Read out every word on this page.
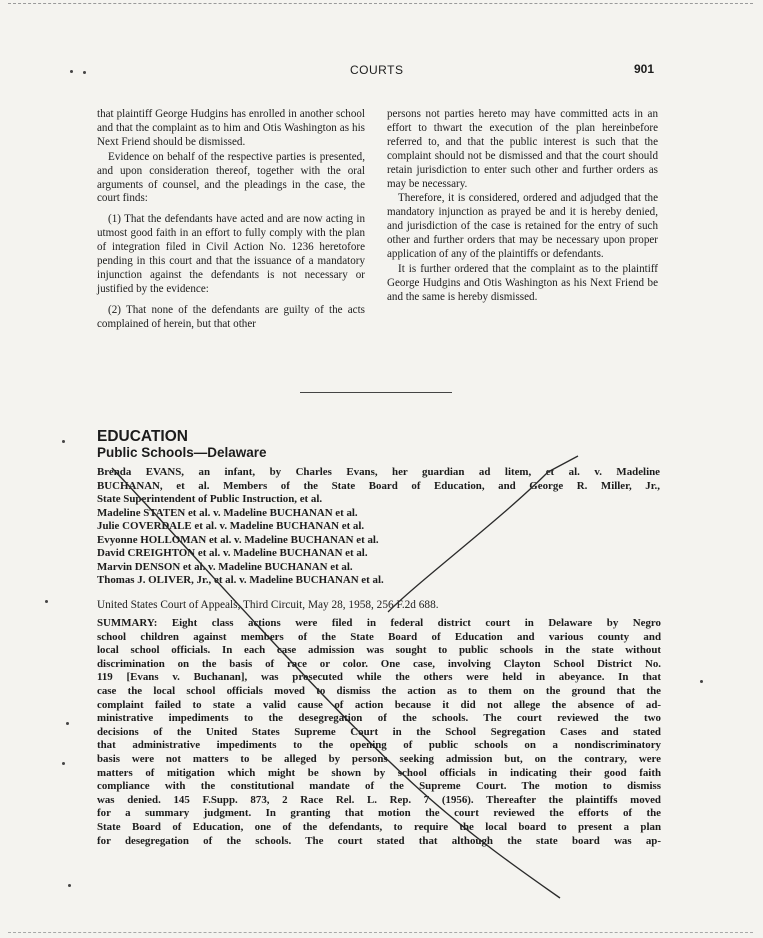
COURTS	901

that plaintiff George Hudgins has enrolled in another school and that the complaint as to him and Otis Washington as his Next Friend should be dismissed.

Evidence on behalf of the respective parties is presented, and upon consideration thereof, together with the oral arguments of counsel, and the pleadings in the case, the court finds:

(1) That the defendants have acted and are now acting in utmost good faith in an effort to fully comply with the plan of integration filed in Civil Action No. 1236 heretofore pending in this court and that the issuance of a mandatory injunction against the defendants is not necessary or justified by the evidence:

(2) That none of the defendants are guilty of the acts complained of herein, but that other

persons not parties hereto may have committed acts in an effort to thwart the execution of the plan hereinbefore referred to, and that the public interest is such that the complaint should not be dismissed and that the court should retain jurisdiction to enter such other and further orders as may be necessary.

Therefore, it is considered, ordered and adjudged that the mandatory injunction as prayed be and it is hereby denied, and jurisdiction of the case is retained for the entry of such other and further orders that may be necessary upon proper application of any of the plaintiffs or defendants.

It is further ordered that the complaint as to the plaintiff George Hudgins and Otis Washington as his Next Friend be and the same is hereby dismissed.

EDUCATION
Public Schools—Delaware
Brenda EVANS, an infant, by Charles Evans, her guardian ad litem, et al. v. Madeline
BUCHANAN, et al. Members of the State Board of Education, and George R. Miller, Jr.,
State Superintendent of Public Instruction, et al.
Madeline STATEN et al. v. Madeline BUCHANAN et al.
Julie COVERDALE et al. v. Madeline BUCHANAN et al.
Evyonne HOLLOMAN et al. v. Madeline BUCHANAN et al.
David CREIGHTON et al. v. Madeline BUCHANAN et al.
Marvin DENSON et al. v. Madeline BUCHANAN et al.
Thomas J. OLIVER, Jr., et al. v. Madeline BUCHANAN et al.
United States Court of Appeals, Third Circuit, May 28, 1958, 256 F.2d 688.
SUMMARY: Eight class actions were filed in federal district court in Delaware by Negro
school children against members of the State Board of Education and various county and
local school officials. In each case admission was sought to public schools in the state without
discrimination on the basis of race or color. One case, involving Clayton School District No.
119 [Evans v. Buchanan], was prosecuted while the others were held in abeyance. In that
case the local school officials moved to dismiss the action as to them on the ground that the
complaint failed to state a valid cause of action because it did not allege the absence of ad-
ministrative impediments to the desegregation of the schools. The court reviewed the two
decisions of the United States Supreme Court in the School Segregation Cases and stated
that administrative impediments to the opening of public schools on a nondiscriminatory
basis were not matters to be alleged by persons seeking admission but, on the contrary, were
matters of mitigation which might be shown by school officials in indicating their good faith
compliance with the constitutional mandate of the Supreme Court. The motion to dismiss
was denied. 145 F.Supp. 873, 2 Race Rel. L. Rep. 7 (1956). Thereafter the plaintiffs moved
for a summary judgment. In granting that motion the court reviewed the efforts of the
State Board of Education, one of the defendants, to require the local board to present a plan
for desegregation of the schools. The court stated that although the state board was ap-
